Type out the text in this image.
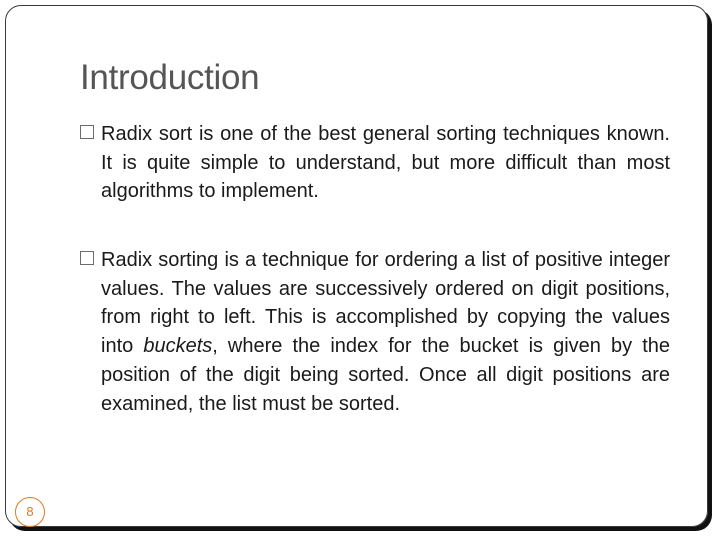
Introduction
Radix sort is one of the best general sorting techniques known. It is quite simple to understand, but more difficult than most algorithms to implement.
Radix sorting is a technique for ordering a list of positive integer values. The values are successively ordered on digit positions, from right to left. This is accomplished by copying the values into buckets, where the index for the bucket is given by the position of the digit being sorted. Once all digit positions are examined, the list must be sorted.
8
